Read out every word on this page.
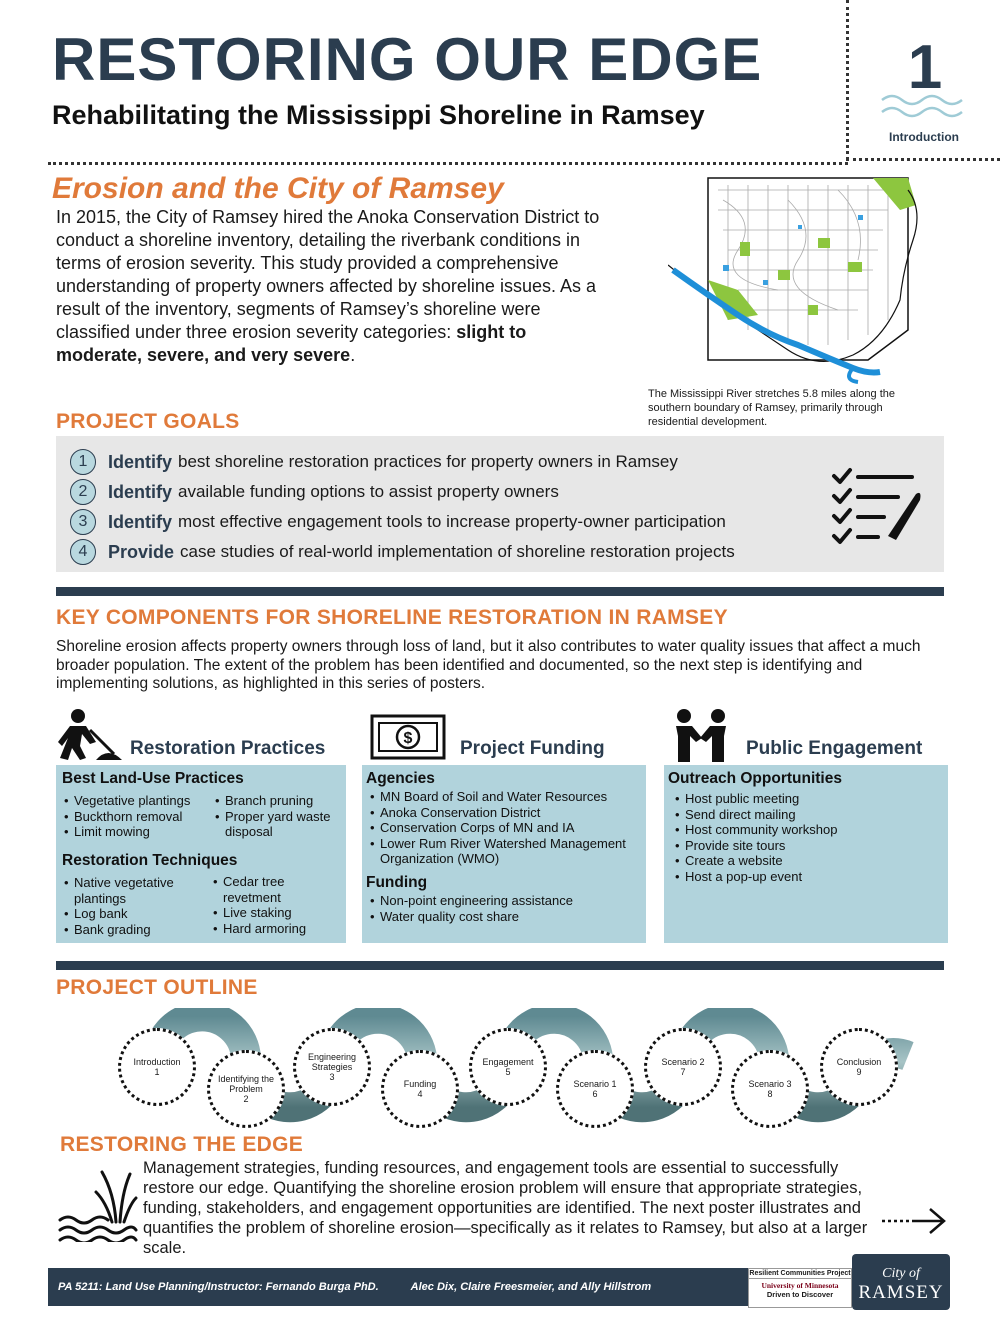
RESTORING OUR EDGE
Rehabilitating the Mississippi Shoreline in Ramsey
1
Introduction
Erosion and the City of Ramsey
In 2015, the City of Ramsey hired the Anoka Conservation District to conduct a shoreline inventory, detailing the riverbank conditions in terms of erosion severity. This study provided a comprehensive understanding of property owners affected by shoreline issues. As a result of the inventory, segments of Ramsey’s shoreline were classified under three erosion severity categories: slight to moderate, severe, and very severe.
The Mississippi River stretches 5.8 miles along the southern boundary of Ramsey, primarily through residential development.
PROJECT GOALS
1	Identify best shoreline restoration practices for property owners in Ramsey
2	Identify available funding options to assist property owners
3	Identify most effective engagement tools to increase property-owner participation
4	Provide case studies of real-world implementation of shoreline restoration projects
KEY COMPONENTS FOR SHORELINE RESTORATION IN RAMSEY
Shoreline erosion affects property owners through loss of land, but it also contributes to water quality issues that affect a much broader population. The extent of the problem has been identified and documented, so the next step is identifying and implementing solutions, as highlighted in this series of posters.
Restoration Practices
Best Land-Use Practices
• Vegetative plantings
• Buckthorn removal
• Limit mowing
• Branch pruning
• Proper yard waste disposal
Restoration Techniques
• Native vegetative plantings
• Log bank
• Bank grading
• Cedar tree revetment
• Live staking
• Hard armoring
$	Project Funding
Agencies
• MN Board of Soil and Water Resources
• Anoka Conservation District
• Conservation Corps of MN and IA
• Lower Rum River Watershed Management Organization (WMO)
Funding
• Non-point engineering assistance
• Water quality cost share
Public Engagement
Outreach Opportunities
• Host public meeting
• Send direct mailing
• Host community workshop
• Provide site tours
• Create a website
• Host a pop-up event
PROJECT OUTLINE
Introduction
1
Identifying the Problem
2
Engineering Strategies
3
Funding
4
Engagement
5
Scenario 1
6
Scenario 2
7
Scenario 3
8
Conclusion
9
RESTORING THE EDGE
Management strategies, funding resources, and engagement tools are essential to successfully restore our edge. Quantifying the shoreline erosion problem will ensure that appropriate strategies, funding, stakeholders, and engagement opportunities are identified. The next poster illustrates and quantifies the problem of shoreline erosion—specifically as it relates to Ramsey, but also at a larger scale.
PA 5211: Land Use Planning/Instructor: Fernando Burga PhD.	Alec Dix, Claire Freesmeier, and Ally Hillstrom
Resilient Communities Project
University of Minnesota
Driven to Discover
City of
RAMSEY
